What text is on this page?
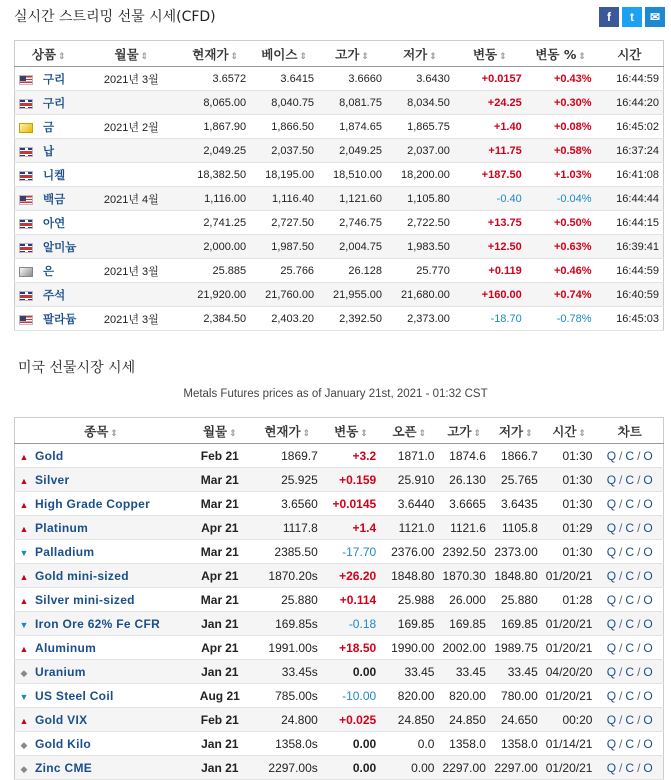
실시간 스트리밍 선물 시세(CFD)	f	t	✉
상품 ⇕	월물 ⇕	현재가 ⇕	베이스 ⇕	고가 ⇕	저가 ⇕	변동 ⇕	변동 % ⇕	시간
구리	2021년 3월	3.6572	3.6415	3.6660	3.6430	+0.0157	+0.43%	16:44:59
구리		8,065.00	8,040.75	8,081.75	8,034.50	+24.25	+0.30%	16:44:20
금	2021년 2월	1,867.90	1,866.50	1,874.65	1,865.75	+1.40	+0.08%	16:45:02
납		2,049.25	2,037.50	2,049.25	2,037.00	+11.75	+0.58%	16:37:24
니켈		18,382.50	18,195.00	18,510.00	18,200.00	+187.50	+1.03%	16:41:08
백금	2021년 4월	1,116.00	1,116.40	1,121.60	1,105.80	-0.40	-0.04%	16:44:44
아연		2,741.25	2,727.50	2,746.75	2,722.50	+13.75	+0.50%	16:44:15
알미늄		2,000.00	1,987.50	2,004.75	1,983.50	+12.50	+0.63%	16:39:41
은	2021년 3월	25.885	25.766	26.128	25.770	+0.119	+0.46%	16:44:59
주석		21,920.00	21,760.00	21,955.00	21,680.00	+160.00	+0.74%	16:40:59
팔라듐	2021년 3월	2,384.50	2,403.20	2,392.50	2,373.00	-18.70	-0.78%	16:45:03
미국 선물시장 시세
Metals Futures prices as of January 21st, 2021 - 01:32 CST
종목 ⇕	월물 ⇕	현재가 ⇕	변동 ⇕	오픈 ⇕	고가 ⇕	저가 ⇕	시간 ⇕	차트
▲ Gold	Feb 21	1869.7	+3.2	1871.0	1874.6	1866.7	01:30	Q / C / O
▲ Silver	Mar 21	25.925	+0.159	25.910	26.130	25.765	01:30	Q / C / O
▲ High Grade Copper	Mar 21	3.6560	+0.0145	3.6440	3.6665	3.6435	01:30	Q / C / O
▲ Platinum	Apr 21	1117.8	+1.4	1121.0	1121.6	1105.8	01:29	Q / C / O
▼ Palladium	Mar 21	2385.50	-17.70	2376.00	2392.50	2373.00	01:30	Q / C / O
▲ Gold mini-sized	Apr 21	1870.20s	+26.20	1848.80	1870.30	1848.80	01/20/21	Q / C / O
▲ Silver mini-sized	Mar 21	25.880	+0.114	25.988	26.000	25.880	01:28	Q / C / O
▼ Iron Ore 62% Fe CFR	Jan 21	169.85s	-0.18	169.85	169.85	169.85	01/20/21	Q / C / O
▲ Aluminum	Apr 21	1991.00s	+18.50	1990.00	2002.00	1989.75	01/20/21	Q / C / O
◆ Uranium	Jan 21	33.45s	0.00	33.45	33.45	33.45	04/20/20	Q / C / O
▼ US Steel Coil	Aug 21	785.00s	-10.00	820.00	820.00	780.00	01/20/21	Q / C / O
▲ Gold VIX	Feb 21	24.800	+0.025	24.850	24.850	24.650	00:20	Q / C / O
◆ Gold Kilo	Jan 21	1358.0s	0.00	0.0	1358.0	1358.0	01/14/21	Q / C / O
◆ Zinc CME	Jan 21	2297.00s	0.00	0.00	2297.00	2297.00	01/20/21	Q / C / O
